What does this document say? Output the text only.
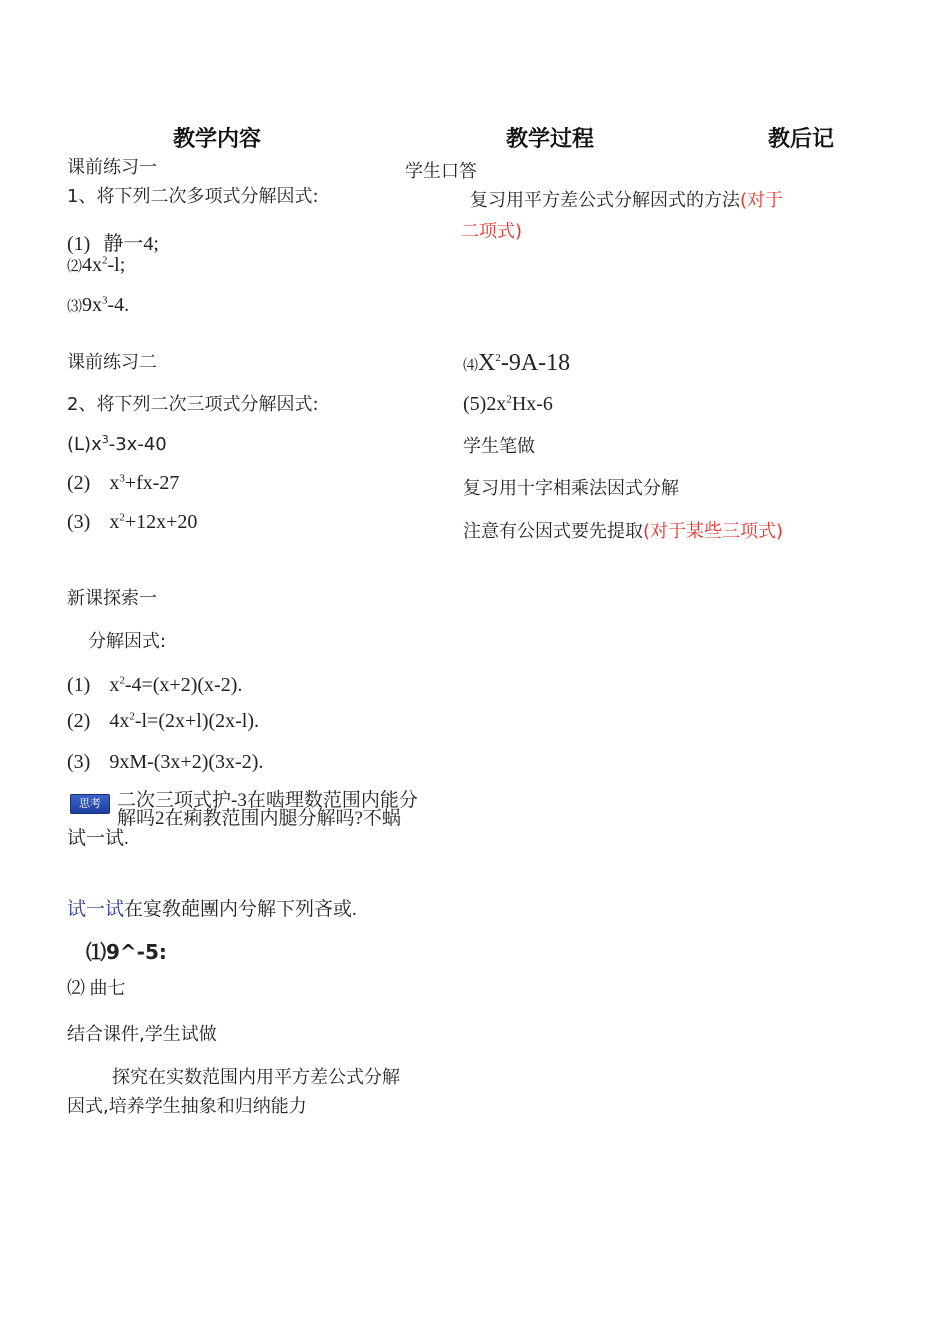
教学内容	教学过程	教后记
课前练习一
1、将下列二次多项式分解因式:
(1) 静一4;
$⑵4x^2-l$;
$⑶9x^3-4$.
课前练习二
2、将下列二次三项式分解因式:
$(L)x^3-3x-40$
(2) $x^3+fx-27$
(3) $x^2+12x+20$
新课探索一
分解因式:
(1) $x^2-4=(x+2)(x-2)$.
(2) $4x^2-l=(2x+l)(2x-l)$.
(3) 9xM-(3x+2)(3x-2).
思考 二次三项式护-3在啮理数范围内能分
解吗2在痢教范围内腿分解吗?不蜗
试一试.
试一试在宴敎葩團内兮解下列吝或.
⑴9^-5:
⑵ 曲七
结合课件,学生试做
探究在实数范围内用平方差公式分解
因式,培养学生抽象和归纳能力
学生口答
复习用平方差公式分解因式的方法(对于
二项式)
$⑷X^2-9A-18$
$(5)2x^2Hx-6$
学生笔做
复习用十字相乘法因式分解
注意有公因式要先提取(对于某些三项式)
